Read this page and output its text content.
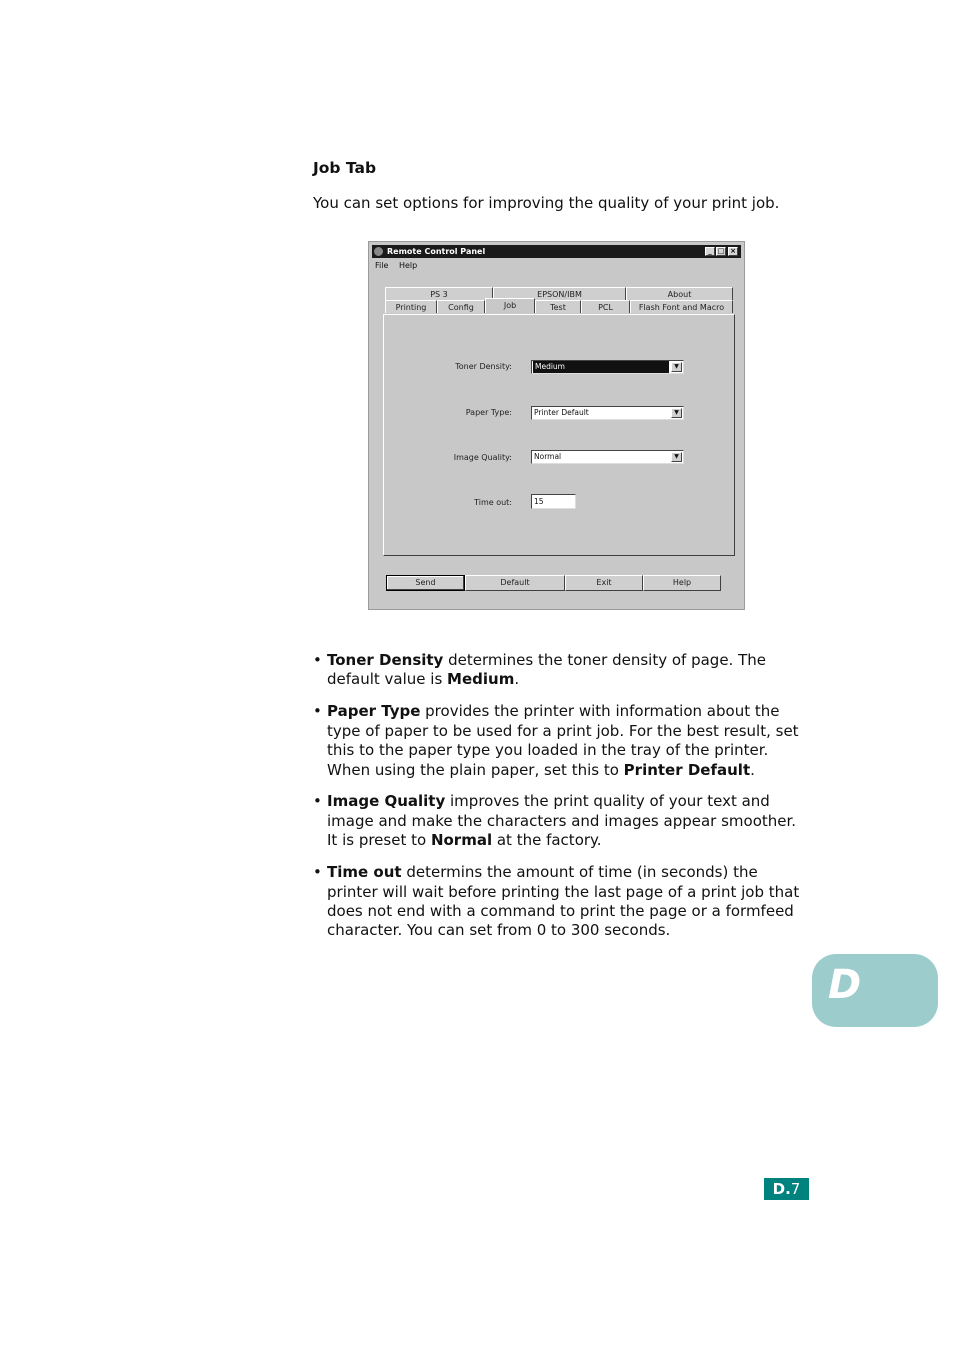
Job Tab

You can set options for improving the quality of your print job.

Remote Control Panel	_ □ ×
File Help
PS 3	EPSON/IBM	About
Printing	Config	Job	Test	PCL	Flash Font and Macro
Toner Density:	Medium	▼
Paper Type:	Printer Default	▼
Image Quality:	Normal	▼
Time out:	15
Send	Default	Exit	Help
• Toner Density determines the toner density of page. The default value is Medium.
• Paper Type provides the printer with information about the type of paper to be used for a print job. For the best result, set this to the paper type you loaded in the tray of the printer. When using the plain paper, set this to Printer Default.
• Image Quality improves the print quality of your text and image and make the characters and images appear smoother. It is preset to Normal at the factory.
• Time out determins the amount of time (in seconds) the printer will wait before printing the last page of a print job that does not end with a command to print the page or a formfeed character. You can set from 0 to 300 seconds.
D
D.7
